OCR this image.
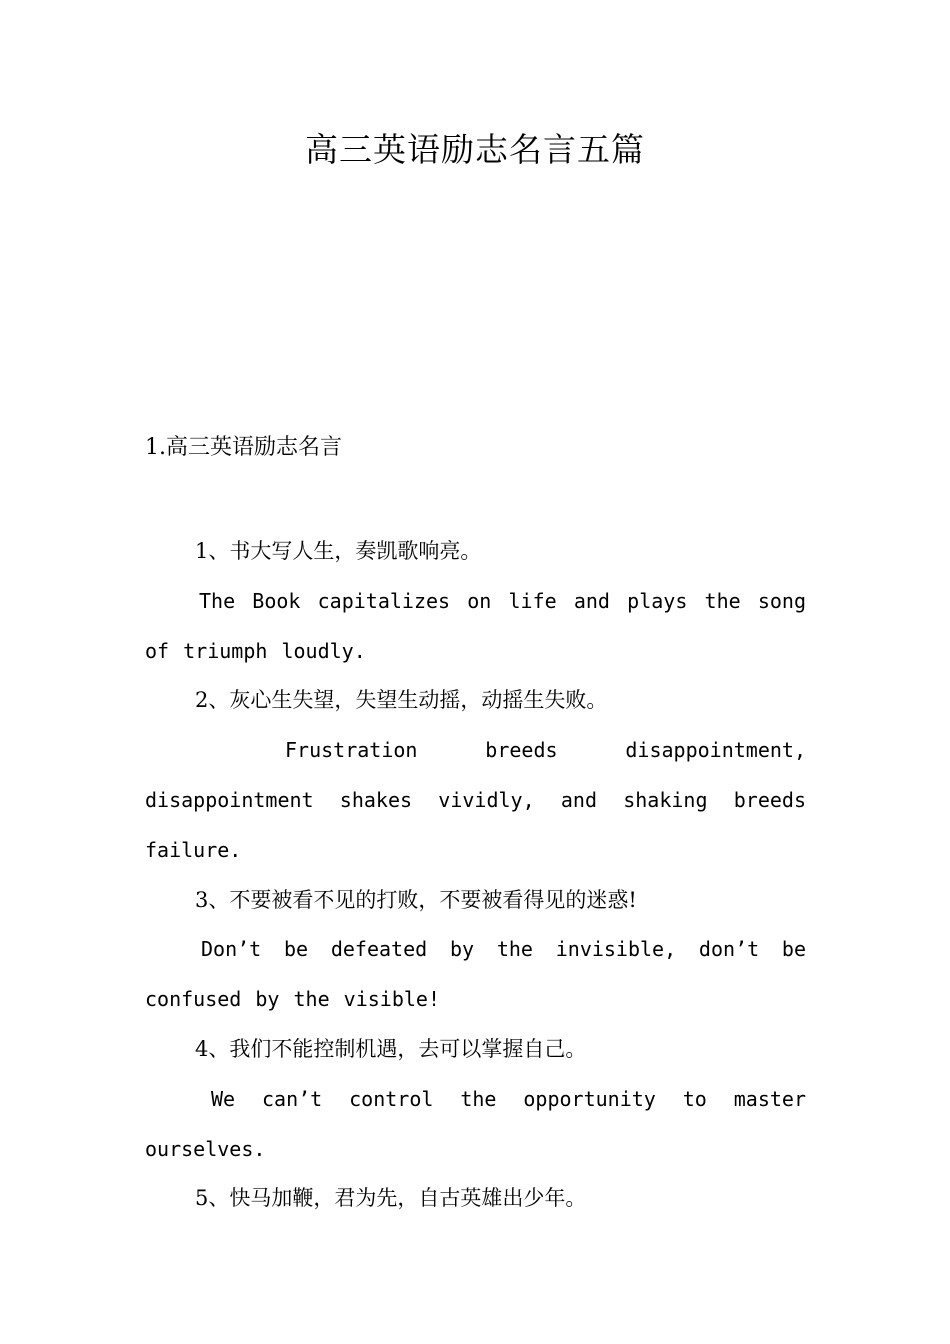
高三英语励志名言五篇
1.高三英语励志名言
1、书大写人生，奏凯歌响亮。
The Book capitalizes on life and plays the song of triumph loudly.
2、灰心生失望，失望生动摇，动摇生失败。
Frustration breeds disappointment, disappointment shakes vividly, and shaking breeds failure.
3、不要被看不见的打败，不要被看得见的迷惑!
Don’t be defeated by the invisible, don’t be confused by the visible!
4、我们不能控制机遇，去可以掌握自己。
We can’t control the opportunity to master ourselves.
5、快马加鞭，君为先，自古英雄出少年。
